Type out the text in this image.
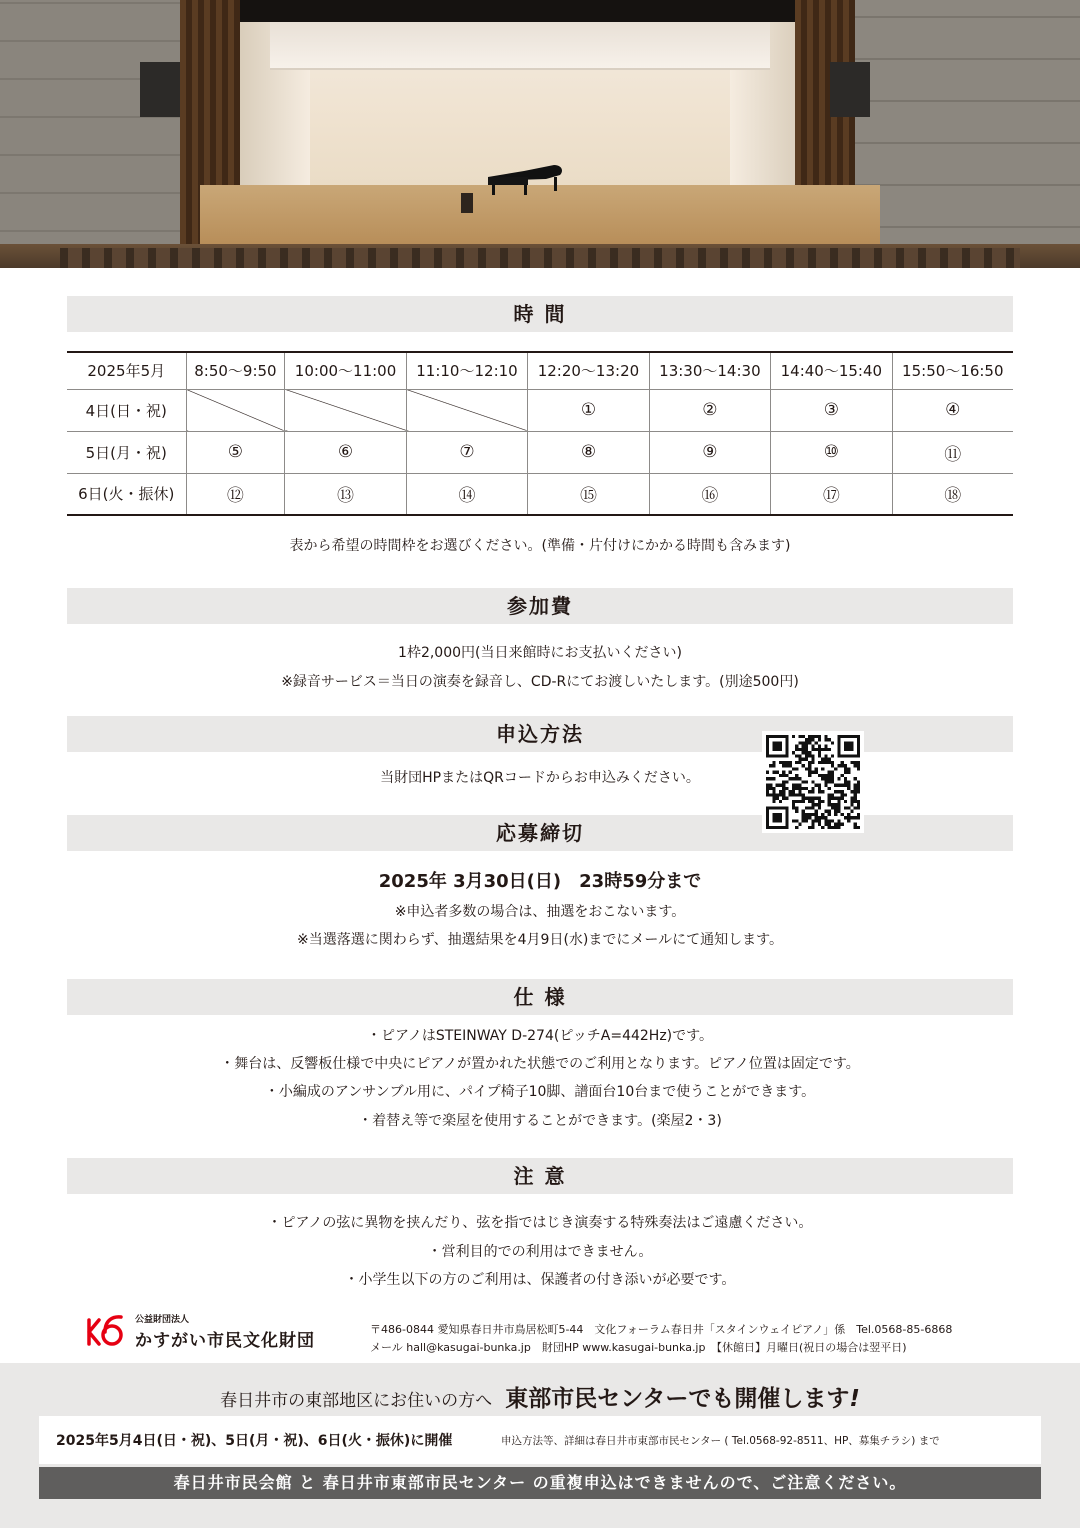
時 間
2025年5月	8:50〜9:50	10:00〜11:00	11:10〜12:10	12:20〜13:20	13:30〜14:30	14:40〜15:40	15:50〜16:50
4日(日・祝)				①	②	③	④
5日(月・祝)	⑤	⑥	⑦	⑧	⑨	⑩	⑪
6日(火・振休)	⑫	⑬	⑭	⑮	⑯	⑰	⑱
表から希望の時間枠をお選びください。(準備・片付けにかかる時間も含みます)
参加費
1枠2,000円(当日来館時にお支払いください)
※録音サービス＝当日の演奏を録音し、CD-Rにてお渡しいたします。(別途500円)
申込方法
当財団HPまたはQRコードからお申込みください。
応募締切
2025年 3月30日(日)　23時59分まで
※申込者多数の場合は、抽選をおこないます。
※当選落選に関わらず、抽選結果を4月9日(水)までにメールにて通知します。
仕 様
・ピアノはSTEINWAY D-274(ピッチA=442Hz)です。
・舞台は、反響板仕様で中央にピアノが置かれた状態でのご利用となります。ピアノ位置は固定です。
・小編成のアンサンブル用に、パイプ椅子10脚、譜面台10台まで使うことができます。
・着替え等で楽屋を使用することができます。(楽屋2・3)
注 意
・ピアノの弦に異物を挟んだり、弦を指ではじき演奏する特殊奏法はご遠慮ください。
・営利目的での利用はできません。
・小学生以下の方のご利用は、保護者の付き添いが必要です。
公益財団法人
かすがい市民文化財団
〒486-0844 愛知県春日井市鳥居松町5-44　文化フォーラム春日井「スタインウェイピアノ」係　Tel.0568-85-6868
メール hall@kasugai-bunka.jp　財団HP www.kasugai-bunka.jp　【休館日】月曜日(祝日の場合は翌平日)
春日井市の東部地区にお住いの方へ 東部市民センターでも開催します!
2025年5月4日(日・祝)、5日(月・祝)、6日(火・振休)に開催	申込方法等、詳細は春日井市東部市民センター ( Tel.0568-92-8511、HP、募集チラシ) まで
春日井市民会館 と 春日井市東部市民センター の重複申込はできませんので、ご注意ください。
